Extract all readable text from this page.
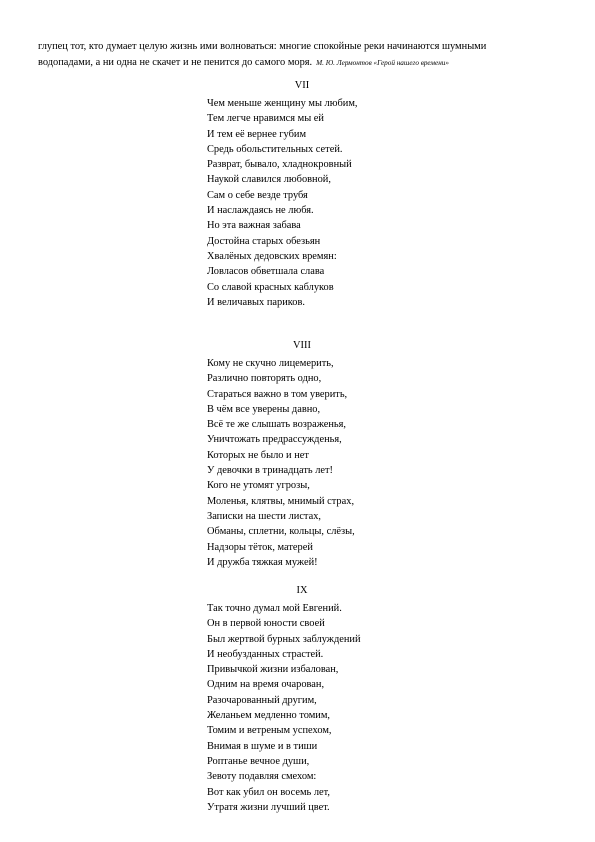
глупец тот, кто думает целую жизнь ими волноваться: многие спокойные реки начинаются шумными
водопадами, а ни одна не скачет и не пенится до самого моря. М. Ю. Лермонтов «Герой нашего времени»
VII
Чем меньше женщину мы любим,
Тем легче нравимся мы ей
И тем её вернее губим
Средь обольстительных сетей.
Разврат, бывало, хладнокровный
Наукой славился любовной,
Сам о себе везде трубя
И наслаждаясь не любя.
Но эта важная забава
Достойна старых обезьян
Хвалёных дедовских времян:
Ловласов обветшала слава
Со славой красных каблуков
И величавых париков.
VIII
Кому не скучно лицемерить,
Различно повторять одно,
Стараться важно в том уверить,
В чём все уверены давно,
Всё те же слышать возраженья,
Уничтожать предрассужденья,
Которых не было и нет
У девочки в тринадцать лет!
Кого не утомят угрозы,
Моленья, клятвы, мнимый страх,
Записки на шести листах,
Обманы, сплетни, кольцы, слёзы,
Надзоры тёток, матерей
И дружба тяжкая мужей!
IX
Так точно думал мой Евгений.
Он в первой юности своей
Был жертвой бурных заблуждений
И необузданных страстей.
Привычкой жизни избалован,
Одним на время очарован,
Разочарованный другим,
Желаньем медленно томим,
Томим и ветреным успехом,
Внимая в шуме и в тиши
Роптанье вечное души,
Зевоту подавляя смехом:
Вот как убил он восемь лет,
Утратя жизни лучший цвет.
